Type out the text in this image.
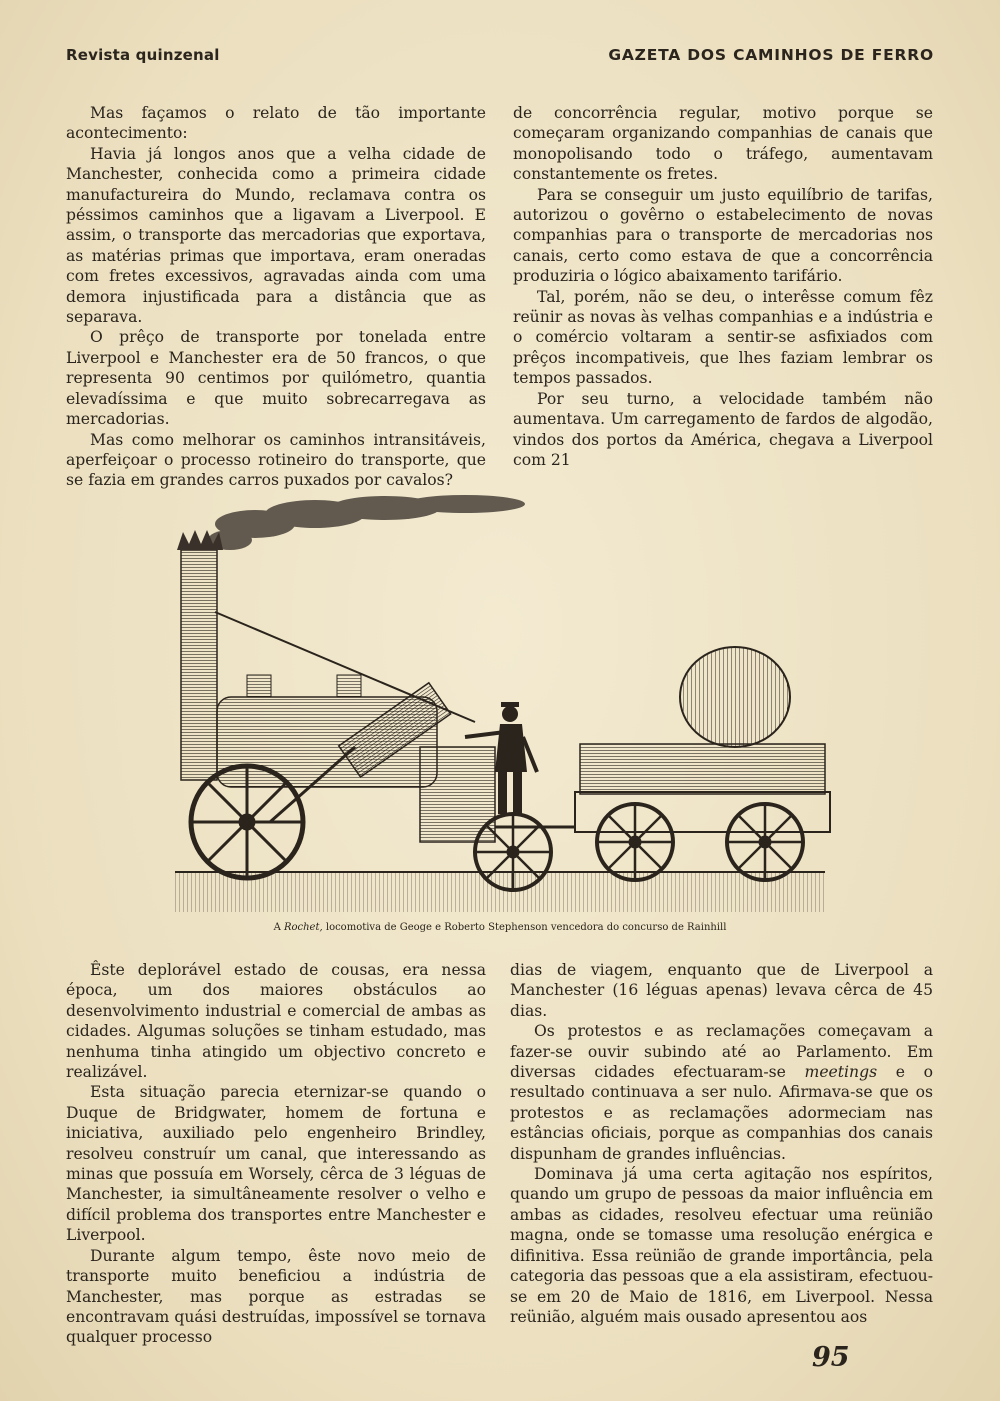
Revista quinzenal	GAZETA DOS CAMINHOS DE FERRO

Mas façamos o relato de tão importante acontecimento:

Havia já longos anos que a velha cidade de Manchester, conhecida como a primeira cidade manufactureira do Mundo, reclamava contra os péssimos caminhos que a ligavam a Liverpool. E assim, o transporte das mercadorias que exportava, as matérias primas que importava, eram oneradas com fretes excessivos, agravadas ainda com uma demora injustificada para a distância que as separava.

O prêço de transporte por tonelada entre Liverpool e Manchester era de 50 francos, o que representa 90 centimos por quilómetro, quantia elevadíssima e que muito sobrecarregava as mercadorias.

Mas como melhorar os caminhos intransitáveis, aperfeiçoar o processo rotineiro do transporte, que se fazia em grandes carros puxados por cavalos?

de concorrência regular, motivo porque se começaram organizando companhias de canais que monopolisando todo o tráfego, aumentavam constantemente os fretes.

Para se conseguir um justo equilíbrio de tarifas, autorizou o govêrno o estabelecimento de novas companhias para o transporte de mercadorias nos canais, certo como estava de que a concorrência produziria o lógico abaixamento tarifário.

Tal, porém, não se deu, o interêsse comum fêz reünir as novas às velhas companhias e a indústria e o comércio voltaram a sentir-se asfixiados com prêços incompativeis, que lhes faziam lembrar os tempos passados.

Por seu turno, a velocidade também não aumentava. Um carregamento de fardos de algodão, vindos dos portos da América, chegava a Liverpool com 21

A Rochet, locomotiva de Geoge e Roberto Stephenson vencedora do concurso de Rainhill

Êste deplorável estado de cousas, era nessa época, um dos maiores obstáculos ao desenvolvimento industrial e comercial de ambas as cidades. Algumas soluções se tinham estudado, mas nenhuma tinha atingido um objectivo concreto e realizável.

Esta situação parecia eternizar-se quando o Duque de Bridgwater, homem de fortuna e iniciativa, auxiliado pelo engenheiro Brindley, resolveu construír um canal, que interessando as minas que possuía em Worsely, cêrca de 3 léguas de Manchester, ia simultâneamente resolver o velho e difícil problema dos transportes entre Manchester e Liverpool.

Durante algum tempo, êste novo meio de transporte muito beneficiou a indústria de Manchester, mas porque as estradas se encontravam quási destruídas, impossível se tornava qualquer processo

dias de viagem, enquanto que de Liverpool a Manchester (16 léguas apenas) levava cêrca de 45 dias.

Os protestos e as reclamações começavam a fazer-se ouvir subindo até ao Parlamento. Em diversas cidades efectuaram-se meetings e o resultado continuava a ser nulo. Afirmava-se que os protestos e as reclamações adormeciam nas estâncias oficiais, porque as companhias dos canais dispunham de grandes influências.

Dominava já uma certa agitação nos espíritos, quando um grupo de pessoas da maior influência em ambas as cidades, resolveu efectuar uma reünião magna, onde se tomasse uma resolução enérgica e difinitiva. Essa reünião de grande importância, pela categoria das pessoas que a ela assistiram, efectuou-se em 20 de Maio de 1816, em Liverpool. Nessa reünião, alguém mais ousado apresentou aos

95
